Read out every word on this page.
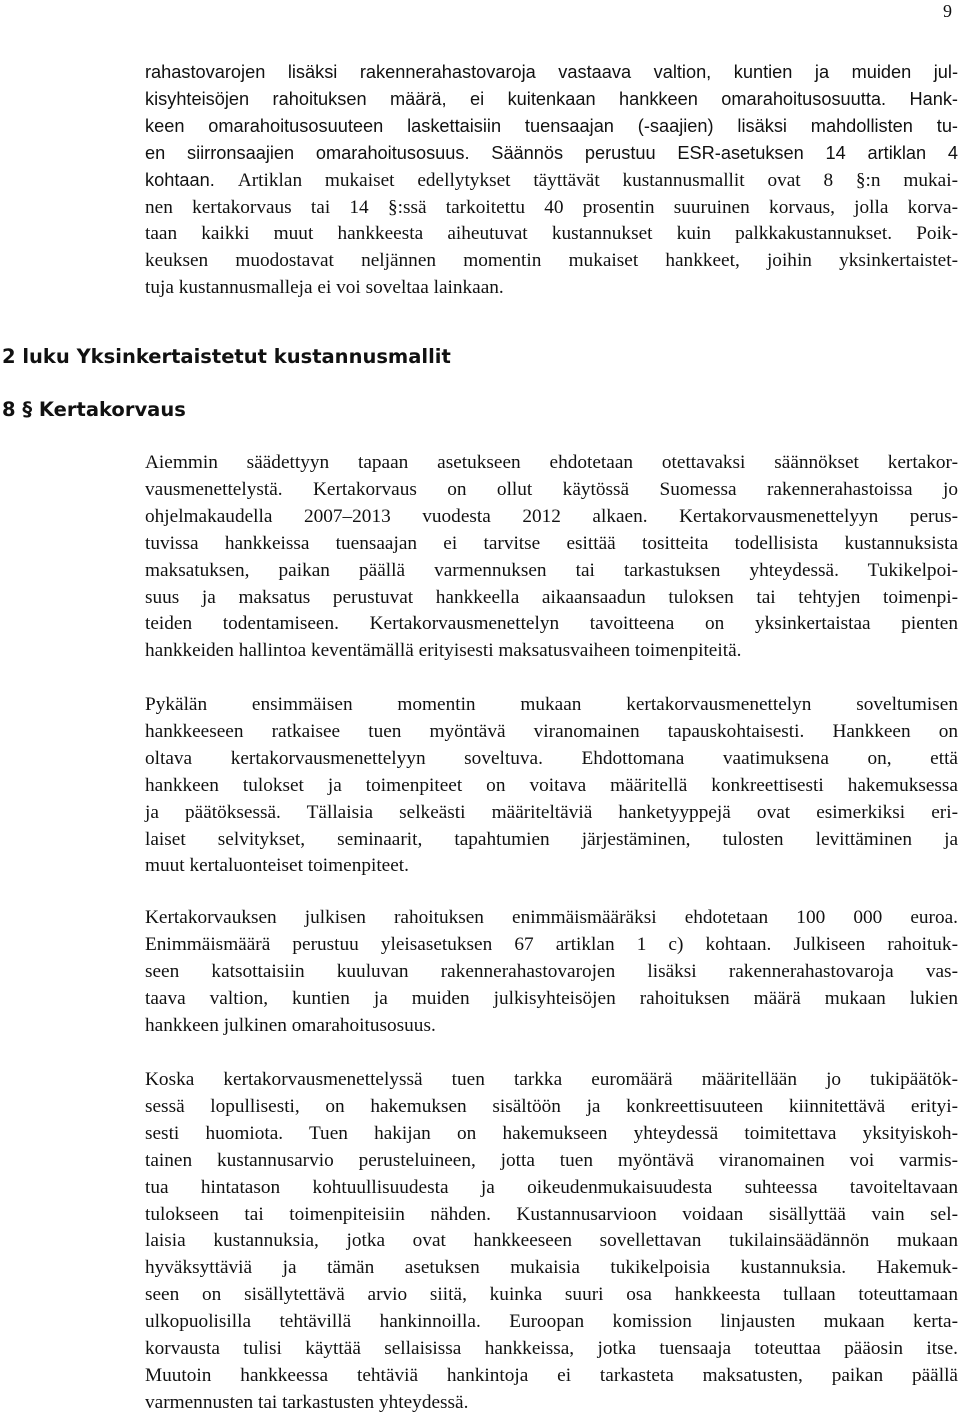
9
2 luku Yksinkertaistetut kustannusmallit
8 § Kertakorvaus
rahastovarojen lisäksi rakennerahastovaroja vastaava valtion, kuntien ja muiden jul-
kisyhteisöjen rahoituksen määrä, ei kuitenkaan hankkeen omarahoitusosuutta. Hank-
keen omarahoitusosuuteen laskettaisiin tuensaajan (-saajien) lisäksi mahdollisten tu-
en siirronsaajien omarahoitusosuus. Säännös perustuu ESR-asetuksen 14 artiklan 4
kohtaan. Artiklan mukaiset edellytykset täyttävät kustannusmallit ovat 8 §:n mukai-
nen kertakorvaus tai 14 §:ssä tarkoitettu 40 prosentin suuruinen korvaus, jolla korva-
taan kaikki muut hankkeesta aiheutuvat kustannukset kuin palkkakustannukset. Poik-
keuksen muodostavat neljännen momentin mukaiset hankkeet, joihin yksinkertaistet-
tuja kustannusmalleja ei voi soveltaa lainkaan.
Aiemmin säädettyyn tapaan asetukseen ehdotetaan otettavaksi säännökset kertakor-
vausmenettelystä. Kertakorvaus on ollut käytössä Suomessa rakennerahastoissa jo
ohjelmakaudella 2007–2013 vuodesta 2012 alkaen. Kertakorvausmenettelyyn perus-
tuvissa hankkeissa tuensaajan ei tarvitse esittää tositteita todellisista kustannuksista
maksatuksen, paikan päällä varmennuksen tai tarkastuksen yhteydessä. Tukikelpoi-
suus ja maksatus perustuvat hankkeella aikaansaadun tuloksen tai tehtyjen toimenpi-
teiden todentamiseen. Kertakorvausmenettelyn tavoitteena on yksinkertaistaa pienten
hankkeiden hallintoa keventämällä erityisesti maksatusvaiheen toimenpiteitä.
Pykälän ensimmäisen momentin mukaan kertakorvausmenettelyn soveltumisen
hankkeeseen ratkaisee tuen myöntävä viranomainen tapauskohtaisesti. Hankkeen on
oltava kertakorvausmenettelyyn soveltuva. Ehdottomana vaatimuksena on, että
hankkeen tulokset ja toimenpiteet on voitava määritellä konkreettisesti hakemuksessa
ja päätöksessä. Tällaisia selkeästi määriteltäviä hanketyyppejä ovat esimerkiksi eri-
laiset selvitykset, seminaarit, tapahtumien järjestäminen, tulosten levittäminen ja
muut kertaluonteiset toimenpiteet.
Kertakorvauksen julkisen rahoituksen enimmäismääräksi ehdotetaan 100 000 euroa.
Enimmäismäärä perustuu yleisasetuksen 67 artiklan 1 c) kohtaan. Julkiseen rahoituk-
seen katsottaisiin kuuluvan rakennerahastovarojen lisäksi rakennerahastovaroja vas-
taava valtion, kuntien ja muiden julkisyhteisöjen rahoituksen määrä mukaan lukien
hankkeen julkinen omarahoitusosuus.
Koska kertakorvausmenettelyssä tuen tarkka euromäärä määritellään jo tukipäätök-
sessä lopullisesti, on hakemuksen sisältöön ja konkreettisuuteen kiinnitettävä erityi-
sesti huomiota. Tuen hakijan on hakemukseen yhteydessä toimitettava yksityiskoh-
tainen kustannusarvio perusteluineen, jotta tuen myöntävä viranomainen voi varmis-
tua hintatason kohtuullisuudesta ja oikeudenmukaisuudesta suhteessa tavoiteltavaan
tulokseen tai toimenpiteisiin nähden. Kustannusarvioon voidaan sisällyttää vain sel-
laisia kustannuksia, jotka ovat hankkeeseen sovellettavan tukilainsäädännön mukaan
hyväksyttäviä ja tämän asetuksen mukaisia tukikelpoisia kustannuksia. Hakemuk-
seen on sisällytettävä arvio siitä, kuinka suuri osa hankkeesta tullaan toteuttamaan
ulkopuolisilla tehtävillä hankinnoilla. Euroopan komission linjausten mukaan kerta-
korvausta tulisi käyttää sellaisissa hankkeissa, jotka tuensaaja toteuttaa pääosin itse.
Muutoin hankkeessa tehtäviä hankintoja ei tarkasteta maksatusten, paikan päällä
varmennusten tai tarkastusten yhteydessä.
